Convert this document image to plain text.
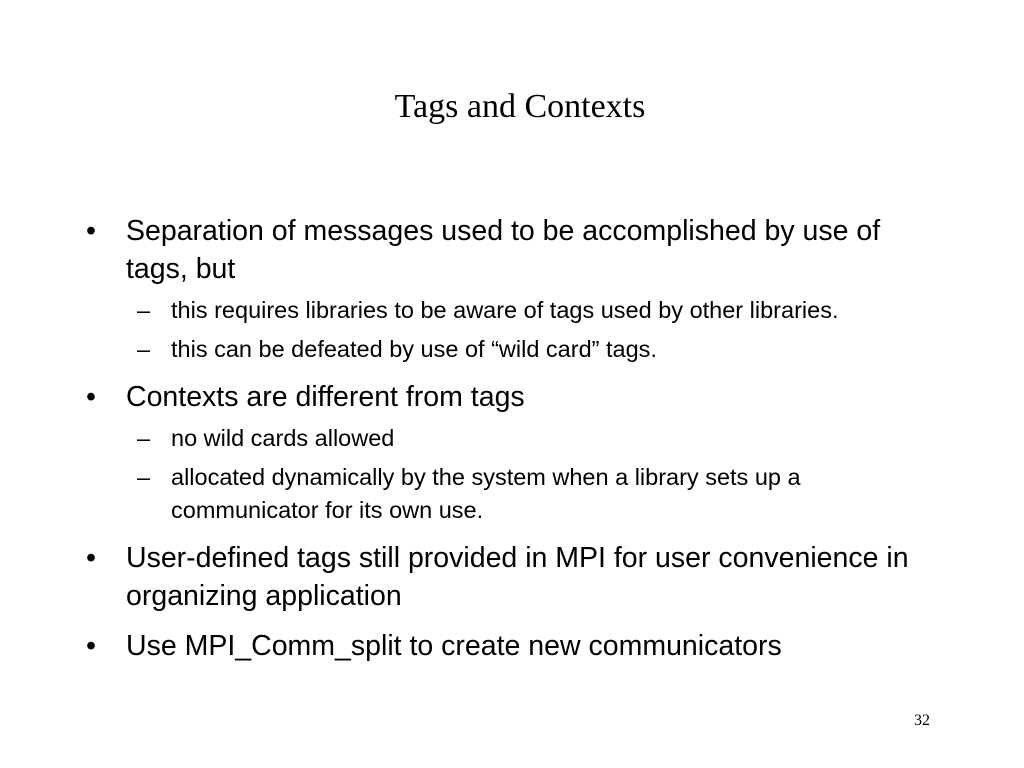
Tags and Contexts
• Separation of messages used to be accomplished by use of tags, but
– this requires libraries to be aware of tags used by other libraries.
– this can be defeated by use of “wild card” tags.
• Contexts are different from tags
– no wild cards allowed
– allocated dynamically by the system when a library sets up a communicator for its own use.
• User-defined tags still provided in MPI for user convenience in organizing application
• Use MPI_Comm_split to create new communicators
32
